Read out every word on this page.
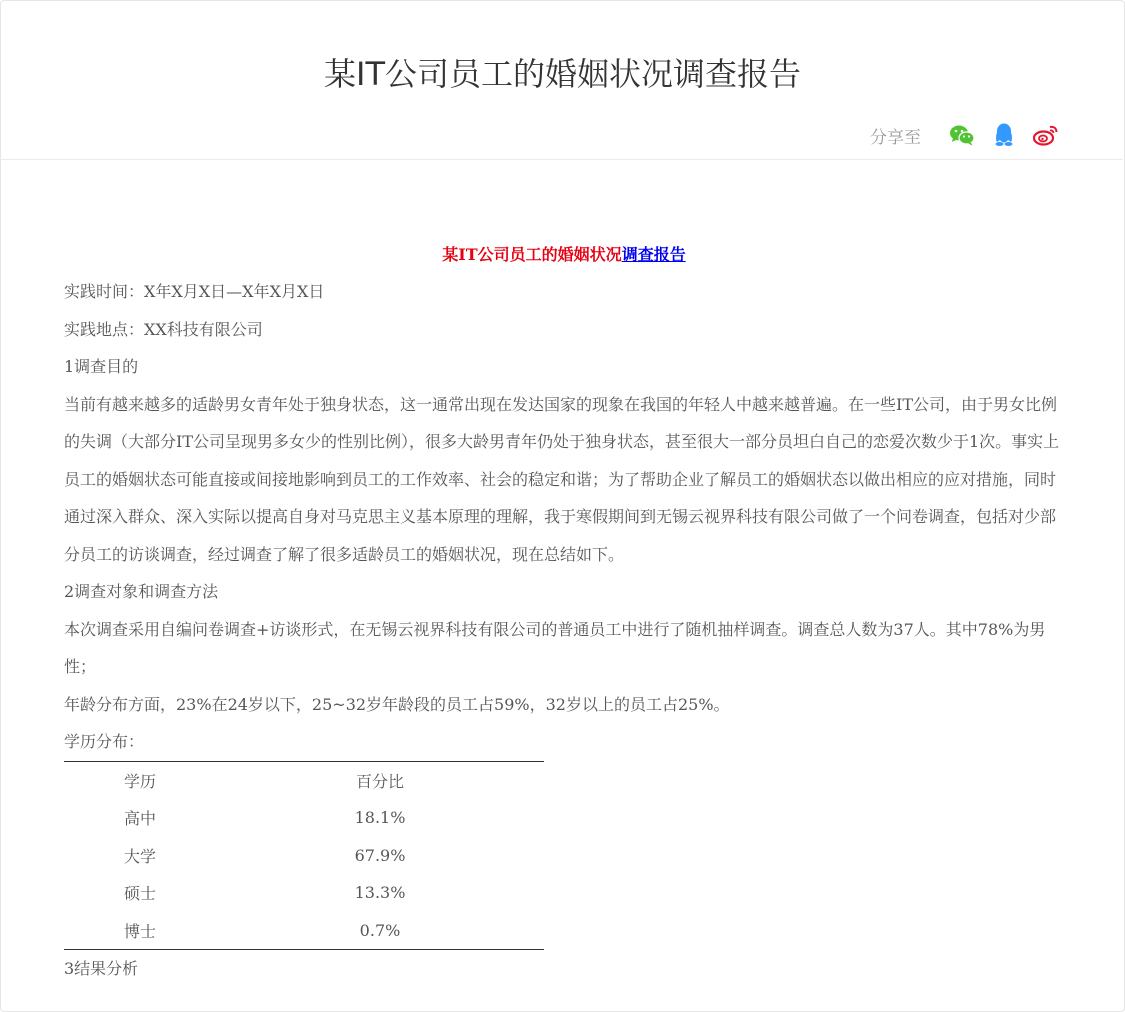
某IT公司员工的婚姻状况调查报告
分享至
某IT公司员工的婚姻状况调查报告

实践时间：X年X月X日—X年X月X日

实践地点：XX科技有限公司

1调查目的

当前有越来越多的适龄男女青年处于独身状态，这一通常出现在发达国家的现象在我国的年轻人中越来越普遍。在一些IT公司，由于男女比例的失调（大部分IT公司呈现男多女少的性别比例），很多大龄男青年仍处于独身状态，甚至很大一部分员坦白自己的恋爱次数少于1次。事实上员工的婚姻状态可能直接或间接地影响到员工的工作效率、社会的稳定和谐；为了帮助企业了解员工的婚姻状态以做出相应的应对措施，同时通过深入群众、深入实际以提高自身对马克思主义基本原理的理解，我于寒假期间到无锡云视界科技有限公司做了一个问卷调查，包括对少部分员工的访谈调查，经过调查了解了很多适龄员工的婚姻状况，现在总结如下。

2调查对象和调查方法

本次调查采用自编问卷调查+访谈形式，在无锡云视界科技有限公司的普通员工中进行了随机抽样调查。调查总人数为37人。其中78%为男性；

年龄分布方面，23%在24岁以下，25~32岁年龄段的员工占59%，32岁以上的员工占25%。

学历分布：

学历	百分比
高中	18.1%
大学	67.9%
硕士	13.3%
博士	0.7%

3结果分析
